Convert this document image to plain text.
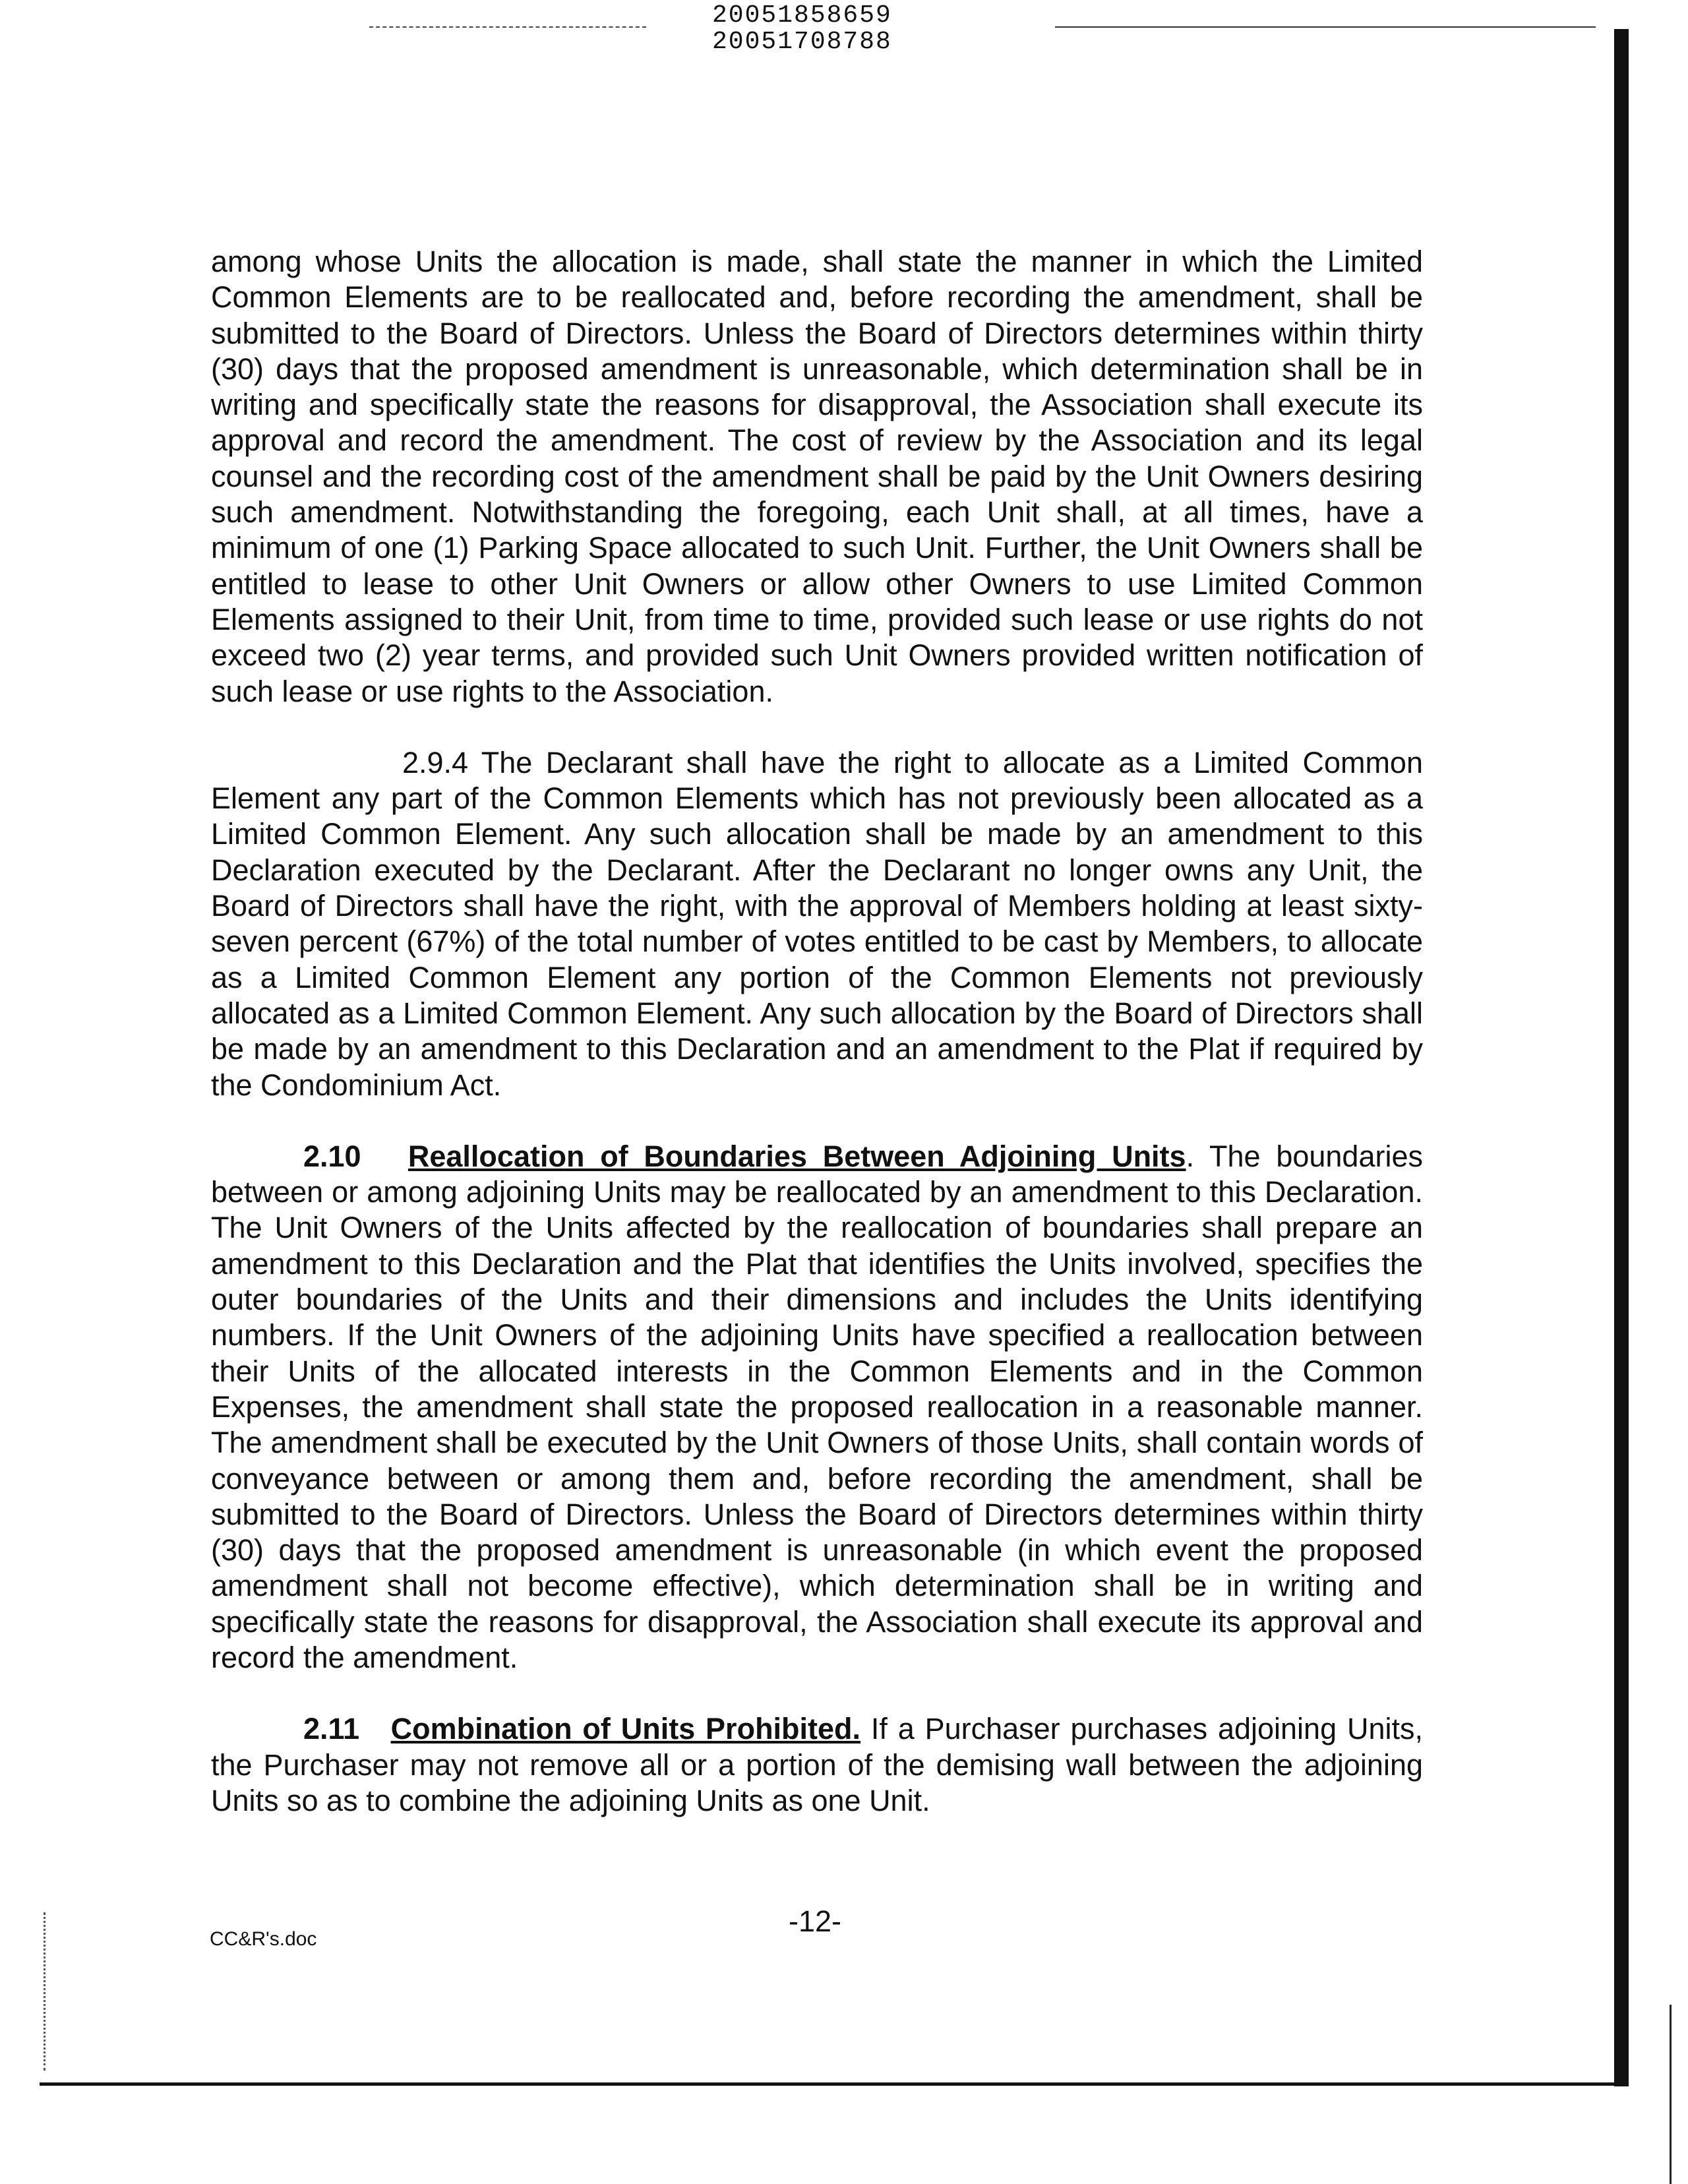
20051858659
20051708788

among whose Units the allocation is made, shall state the manner in which the Limited Common Elements are to be reallocated and, before recording the amendment, shall be submitted to the Board of Directors. Unless the Board of Directors determines within thirty (30) days that the proposed amendment is unreasonable, which determination shall be in writing and specifically state the reasons for disapproval, the Association shall execute its approval and record the amendment. The cost of review by the Association and its legal counsel and the recording cost of the amendment shall be paid by the Unit Owners desiring such amendment. Notwithstanding the foregoing, each Unit shall, at all times, have a minimum of one (1) Parking Space allocated to such Unit. Further, the Unit Owners shall be entitled to lease to other Unit Owners or allow other Owners to use Limited Common Elements assigned to their Unit, from time to time, provided such lease or use rights do not exceed two (2) year terms, and provided such Unit Owners provided written notification of such lease or use rights to the Association.

2.9.4 The Declarant shall have the right to allocate as a Limited Common Element any part of the Common Elements which has not previously been allocated as a Limited Common Element. Any such allocation shall be made by an amendment to this Declaration executed by the Declarant. After the Declarant no longer owns any Unit, the Board of Directors shall have the right, with the approval of Members holding at least sixty-seven percent (67%) of the total number of votes entitled to be cast by Members, to allocate as a Limited Common Element any portion of the Common Elements not previously allocated as a Limited Common Element. Any such allocation by the Board of Directors shall be made by an amendment to this Declaration and an amendment to the Plat if required by the Condominium Act.

2.10 Reallocation of Boundaries Between Adjoining Units. The boundaries between or among adjoining Units may be reallocated by an amendment to this Declaration. The Unit Owners of the Units affected by the reallocation of boundaries shall prepare an amendment to this Declaration and the Plat that identifies the Units involved, specifies the outer boundaries of the Units and their dimensions and includes the Units identifying numbers. If the Unit Owners of the adjoining Units have specified a reallocation between their Units of the allocated interests in the Common Elements and in the Common Expenses, the amendment shall state the proposed reallocation in a reasonable manner. The amendment shall be executed by the Unit Owners of those Units, shall contain words of conveyance between or among them and, before recording the amendment, shall be submitted to the Board of Directors. Unless the Board of Directors determines within thirty (30) days that the proposed amendment is unreasonable (in which event the proposed amendment shall not become effective), which determination shall be in writing and specifically state the reasons for disapproval, the Association shall execute its approval and record the amendment.

2.11 Combination of Units Prohibited. If a Purchaser purchases adjoining Units, the Purchaser may not remove all or a portion of the demising wall between the adjoining Units so as to combine the adjoining Units as one Unit.

-12-
CC&R's.doc
